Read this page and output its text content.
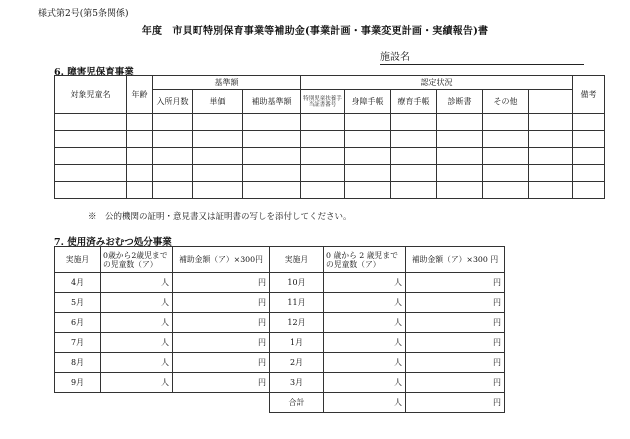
様式第2号(第5条関係)
年度　市貝町特別保育事業等補助金(事業計画・事業変更計画・実績報告)書
施設名
6. 障害児保育事業
対象児童名	年齢	基準額			認定状況						備考
		入所月数	単価	補助基準額	特別児童扶養手当証書番号	身障手帳	療育手帳	診断書	その他		

※　公的機関の証明・意見書又は証明書の写しを添付してください。
7. 使用済みおむつ処分事業
実施月	0歳から2歳児までの児童数（ア）	補助金額（ア）×300円	実施月	0 歳から 2 歳児までの児童数（ア）	補助金額（ア）×300 円
4月	人	円	10月	人	円
5月	人	円	11月	人	円
6月	人	円	12月	人	円
7月	人	円	1月	人	円
8月	人	円	2月	人	円
9月	人	円	3月	人	円
			合計	人	円
